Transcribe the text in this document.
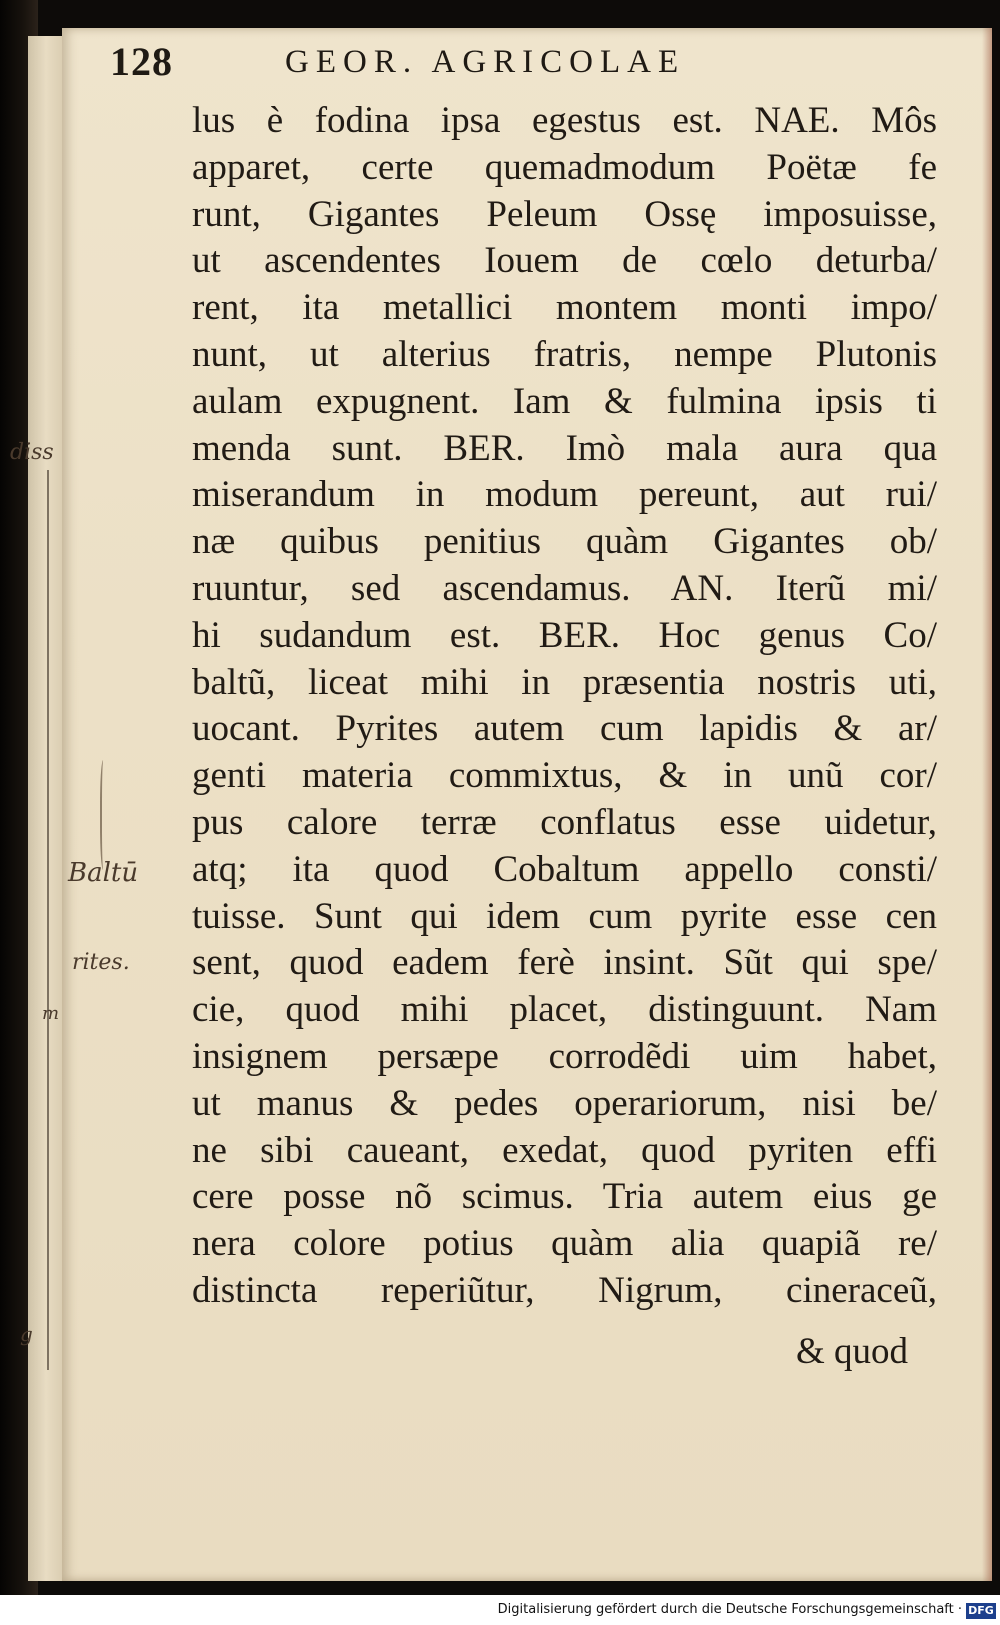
128	GEOR. AGRICOLAE
lus è fodina ipsa egestus est. NAE. Môs
apparet, certe quemadmodum Poëtæ fe
runt, Gigantes Peleum Ossę imposuisse,
ut ascendentes Iouem de cœlo deturba/
rent, ita metallici montem monti impo/
nunt, ut alterius fratris, nempe Plutonis
aulam expugnent. Iam & fulmina ipsis ti
menda sunt. BER. Imò mala aura qua
miserandum in modum pereunt, aut rui/
næ quibus penitius quàm Gigantes ob/
ruuntur, sed ascendamus. AN. Iterũ mi/
hi sudandum est. BER. Hoc genus Co/
baltũ, liceat mihi in præsentia nostris uti,
uocant. Pyrites autem cum lapidis & ar/
genti materia commixtus, & in unũ cor/
pus calore terræ conflatus esse uidetur,
atq; ita quod Cobaltum appello consti/
tuisse. Sunt qui idem cum pyrite esse cen
sent, quod eadem ferè insint. Sũt qui spe/
cie, quod mihi placet, distinguunt. Nam
insignem persæpe corrodẽdi uim habet,
ut manus & pedes operariorum, nisi be/
ne sibi caueant, exedat, quod pyriten effi
cere posse nõ scimus. Tria autem eius ge
nera colore potius quàm alia quapiã re/
distincta reperiũtur, Nigrum, cineraceũ,
& quod
diss
Baltū
rites.
m
g
Digitalisierung gefördert durch die Deutsche Forschungsgemeinschaft · DFG
